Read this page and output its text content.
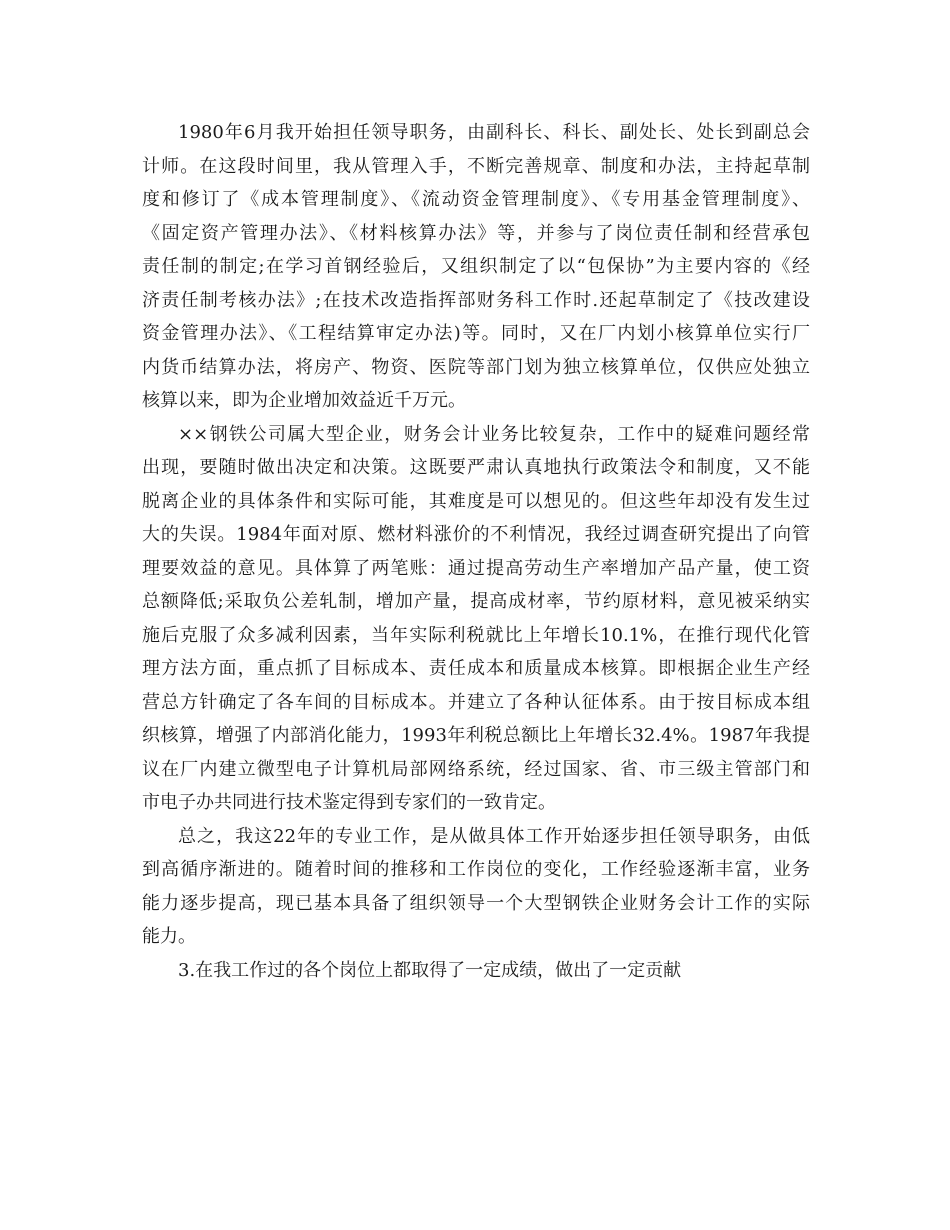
1980年6月我开始担任领导职务，由副科长、科长、副处长、处长到副总会
计师。在这段时间里，我从管理入手，不断完善规章、制度和办法，主持起草制
度和修订了《成本管理制度》、《流动资金管理制度》、《专用基金管理制度》、
《固定资产管理办法》、《材料核算办法》等，并参与了岗位责任制和经营承包
责任制的制定;在学习首钢经验后，又组织制定了以“包保协”为主要内容的《经
济责任制考核办法》;在技术改造指挥部财务科工作时.还起草制定了《技改建设
资金管理办法》、《工程结算审定办法)等。同时，又在厂内划小核算单位实行厂
内货币结算办法，将房产、物资、医院等部门划为独立核算单位，仅供应处独立
核算以来，即为企业增加效益近千万元。
××钢铁公司属大型企业，财务会计业务比较复杂，工作中的疑难问题经常
出现，要随时做出决定和决策。这既要严肃认真地执行政策法令和制度，又不能
脱离企业的具体条件和实际可能，其难度是可以想见的。但这些年却没有发生过
大的失误。1984年面对原、燃材料涨价的不利情况，我经过调查研究提出了向管
理要效益的意见。具体算了两笔账：通过提高劳动生产率增加产品产量，使工资
总额降低;采取负公差轧制，增加产量，提高成材率，节约原材料，意见被采纳实
施后克服了众多减利因素，当年实际利税就比上年增长10.1%，在推行现代化管
理方法方面，重点抓了目标成本、责任成本和质量成本核算。即根据企业生产经
营总方针确定了各车间的目标成本。并建立了各种认征体系。由于按目标成本组
织核算，增强了内部消化能力，1993年利税总额比上年增长32.4%。1987年我提
议在厂内建立微型电子计算机局部网络系统，经过国家、省、市三级主管部门和
市电子办共同进行技术鉴定得到专家们的一致肯定。
总之，我这22年的专业工作，是从做具体工作开始逐步担任领导职务，由低
到高循序渐进的。随着时间的推移和工作岗位的变化，工作经验逐渐丰富，业务
能力逐步提高，现已基本具备了组织领导一个大型钢铁企业财务会计工作的实际
能力。
3.在我工作过的各个岗位上都取得了一定成绩，做出了一定贡献
